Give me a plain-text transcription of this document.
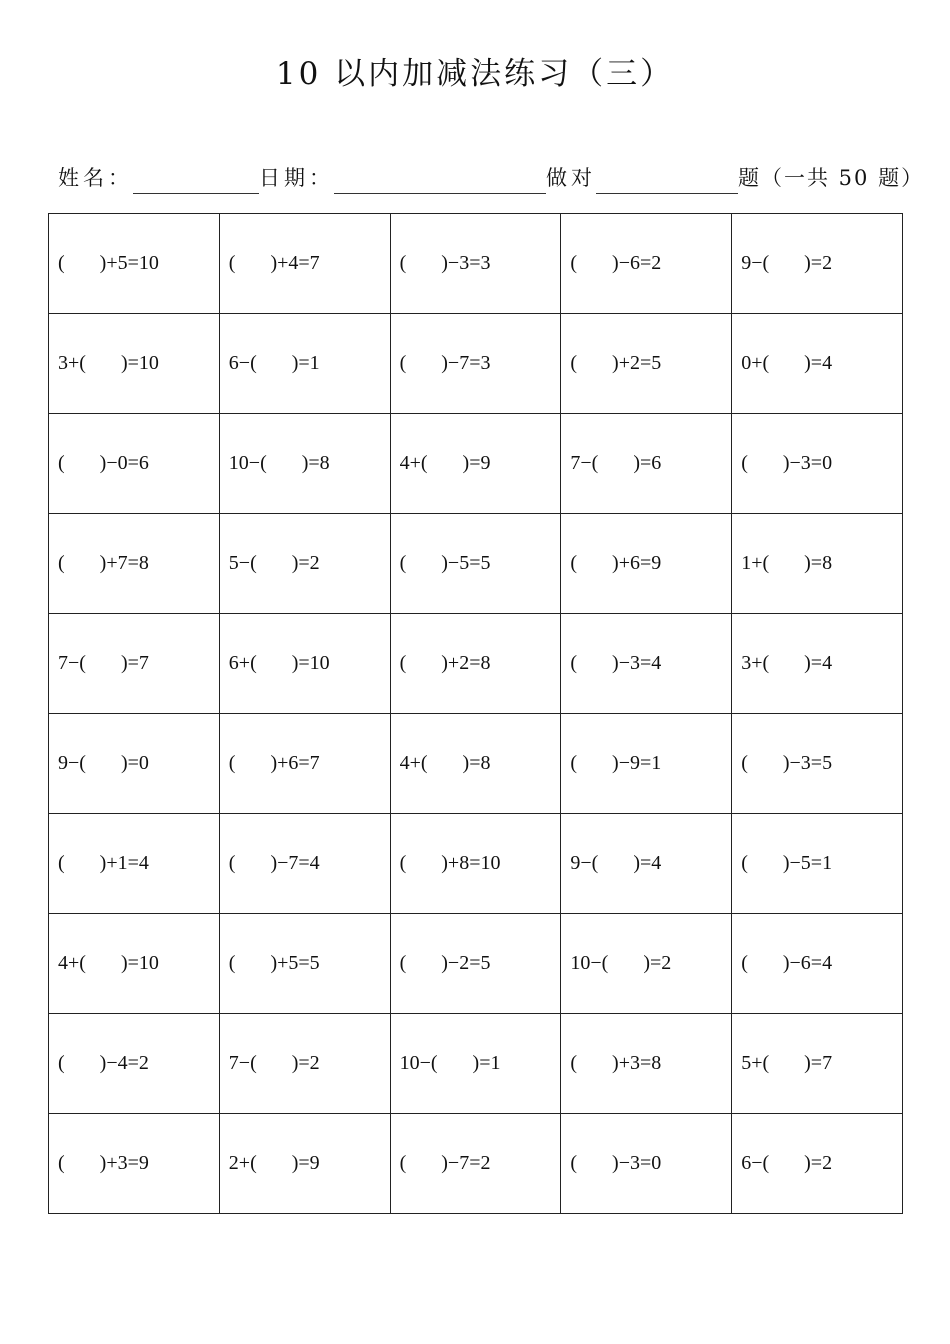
10 以内加减法练习（三）
姓名：	日期：	做对	题（一共 50 题）
(       )+5=10	(       )+4=7	(       )−3=3	(       )−6=2	9−(       )=2
3+(       )=10	6−(       )=1	(       )−7=3	(       )+2=5	0+(       )=4
(       )−0=6	10−(       )=8	4+(       )=9	7−(       )=6	(       )−3=0
(       )+7=8	5−(       )=2	(       )−5=5	(       )+6=9	1+(       )=8
7−(       )=7	6+(       )=10	(       )+2=8	(       )−3=4	3+(       )=4
9−(       )=0	(       )+6=7	4+(       )=8	(       )−9=1	(       )−3=5
(       )+1=4	(       )−7=4	(       )+8=10	9−(       )=4	(       )−5=1
4+(       )=10	(       )+5=5	(       )−2=5	10−(       )=2	(       )−6=4
(       )−4=2	7−(       )=2	10−(       )=1	(       )+3=8	5+(       )=7
(       )+3=9	2+(       )=9	(       )−7=2	(       )−3=0	6−(       )=2
